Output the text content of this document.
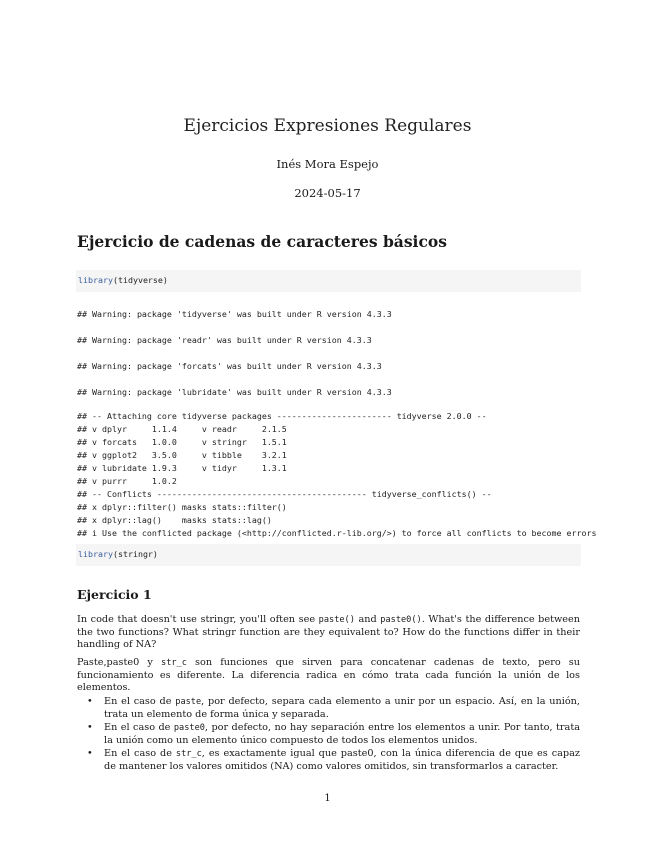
Ejercicios Expresiones Regulares
Inés Mora Espejo
2024-05-17
Ejercicio de cadenas de caracteres básicos
library(tidyverse)
## Warning: package 'tidyverse' was built under R version 4.3.3
## Warning: package 'readr' was built under R version 4.3.3
## Warning: package 'forcats' was built under R version 4.3.3
## Warning: package 'lubridate' was built under R version 4.3.3
## -- Attaching core tidyverse packages ----------------------- tidyverse 2.0.0 --
## v dplyr     1.1.4     v readr     2.1.5
## v forcats   1.0.0     v stringr   1.5.1
## v ggplot2   3.5.0     v tibble    3.2.1
## v lubridate 1.9.3     v tidyr     1.3.1
## v purrr     1.0.2
## -- Conflicts ------------------------------------------ tidyverse_conflicts() --
## x dplyr::filter() masks stats::filter()
## x dplyr::lag()    masks stats::lag()
## i Use the conflicted package (<http://conflicted.r-lib.org/>) to force all conflicts to become errors
library(stringr)
Ejercicio 1
In code that doesn't use stringr, you'll often see paste() and paste0(). What's the difference between the two functions? What stringr function are they equivalent to? How do the functions differ in their handling of NA?
Paste,paste0 y str_c son funciones que sirven para concatenar cadenas de texto, pero su funcionamiento es diferente. La diferencia radica en cómo trata cada función la unión de los elementos.
• En el caso de paste, por defecto, separa cada elemento a unir por un espacio. Así, en la unión, trata un elemento de forma única y separada.
• En el caso de paste0, por defecto, no hay separación entre los elementos a unir. Por tanto, trata la unión como un elemento único compuesto de todos los elementos unidos.
• En el caso de str_c, es exactamente igual que paste0, con la única diferencia de que es capaz de mantener los valores omitidos (NA) como valores omitidos, sin transformarlos a caracter.
1
